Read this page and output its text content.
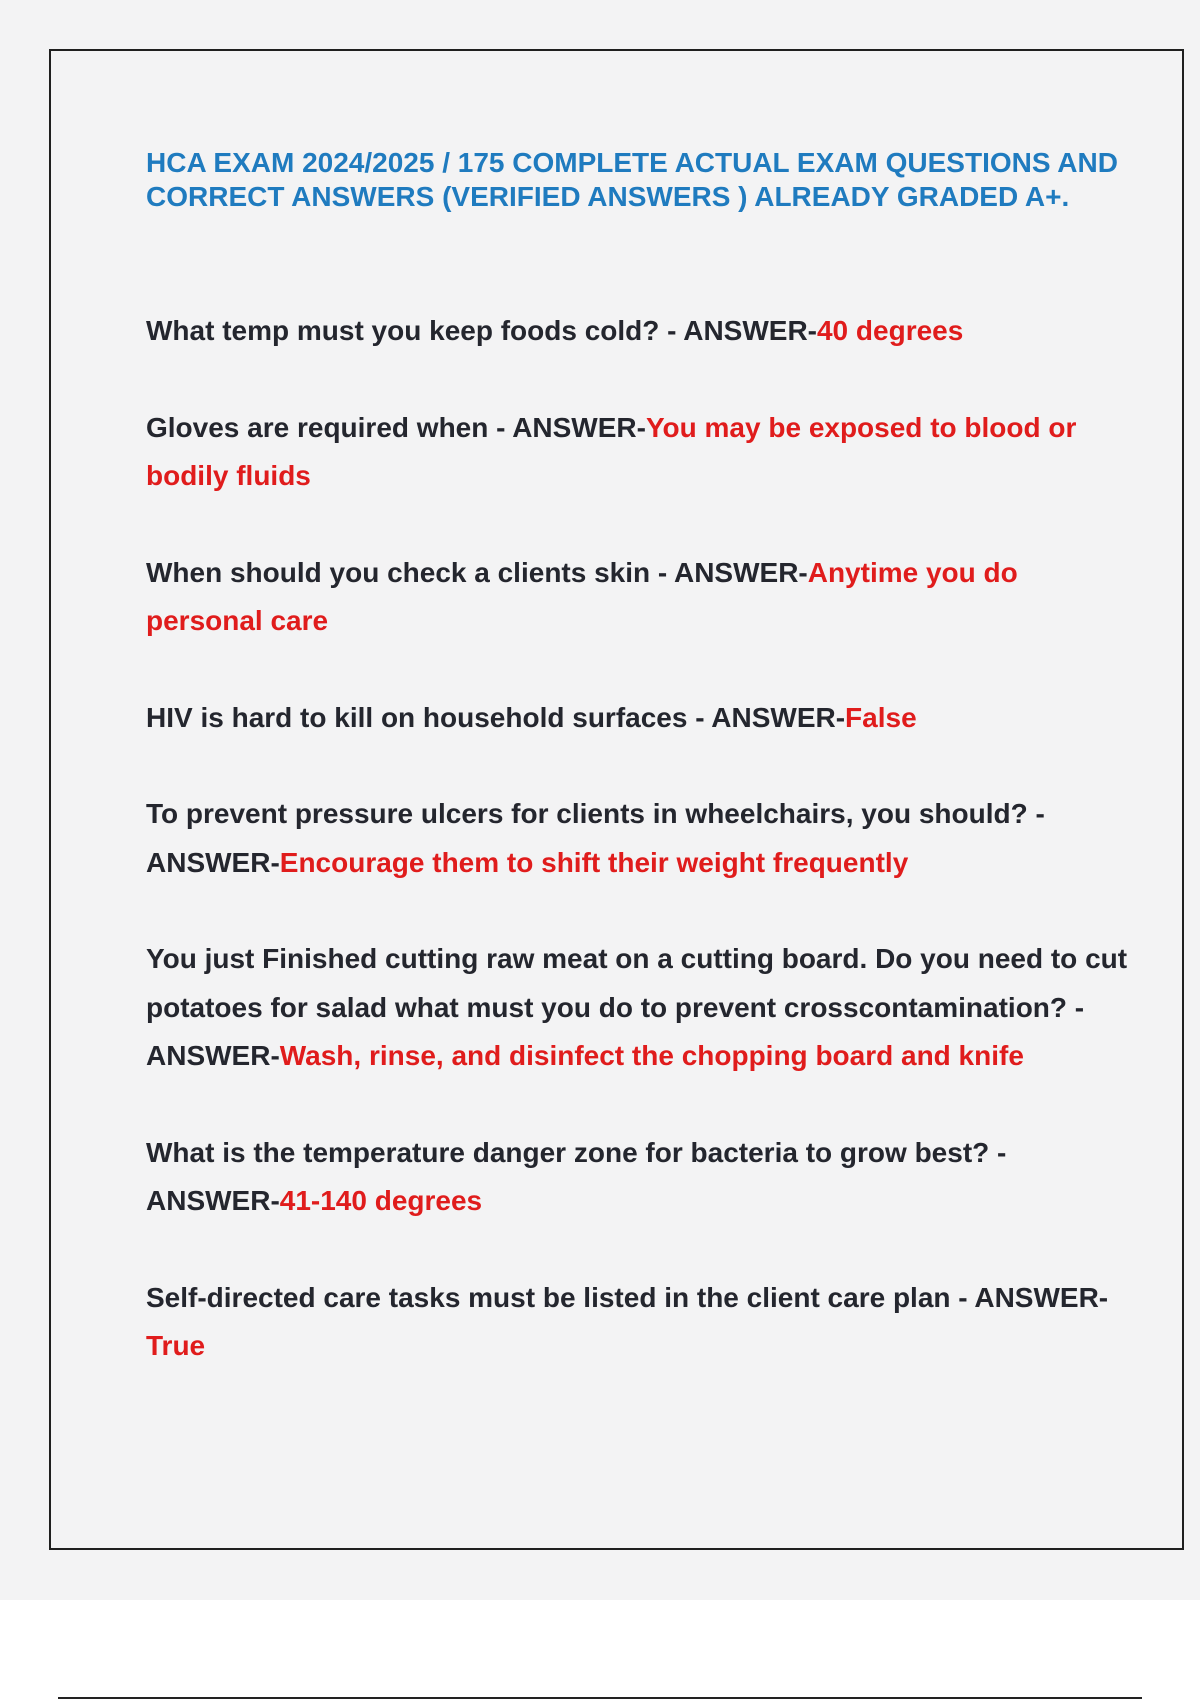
HCA EXAM 2024/2025 / 175 COMPLETE ACTUAL EXAM QUESTIONS AND CORRECT ANSWERS (VERIFIED ANSWERS ) ALREADY GRADED A+.

What temp must you keep foods cold? - ANSWER-40 degrees

Gloves are required when - ANSWER-You may be exposed to blood or bodily fluids

When should you check a clients skin - ANSWER-Anytime you do personal care

HIV is hard to kill on household surfaces - ANSWER-False

To prevent pressure ulcers for clients in wheelchairs, you should? - ANSWER-Encourage them to shift their weight frequently

You just Finished cutting raw meat on a cutting board. Do you need to cut potatoes for salad what must you do to prevent crosscontamination? - ANSWER-Wash, rinse, and disinfect the chopping board and knife

What is the temperature danger zone for bacteria to grow best? - ANSWER-41-140 degrees

Self-directed care tasks must be listed in the client care plan - ANSWER-True
